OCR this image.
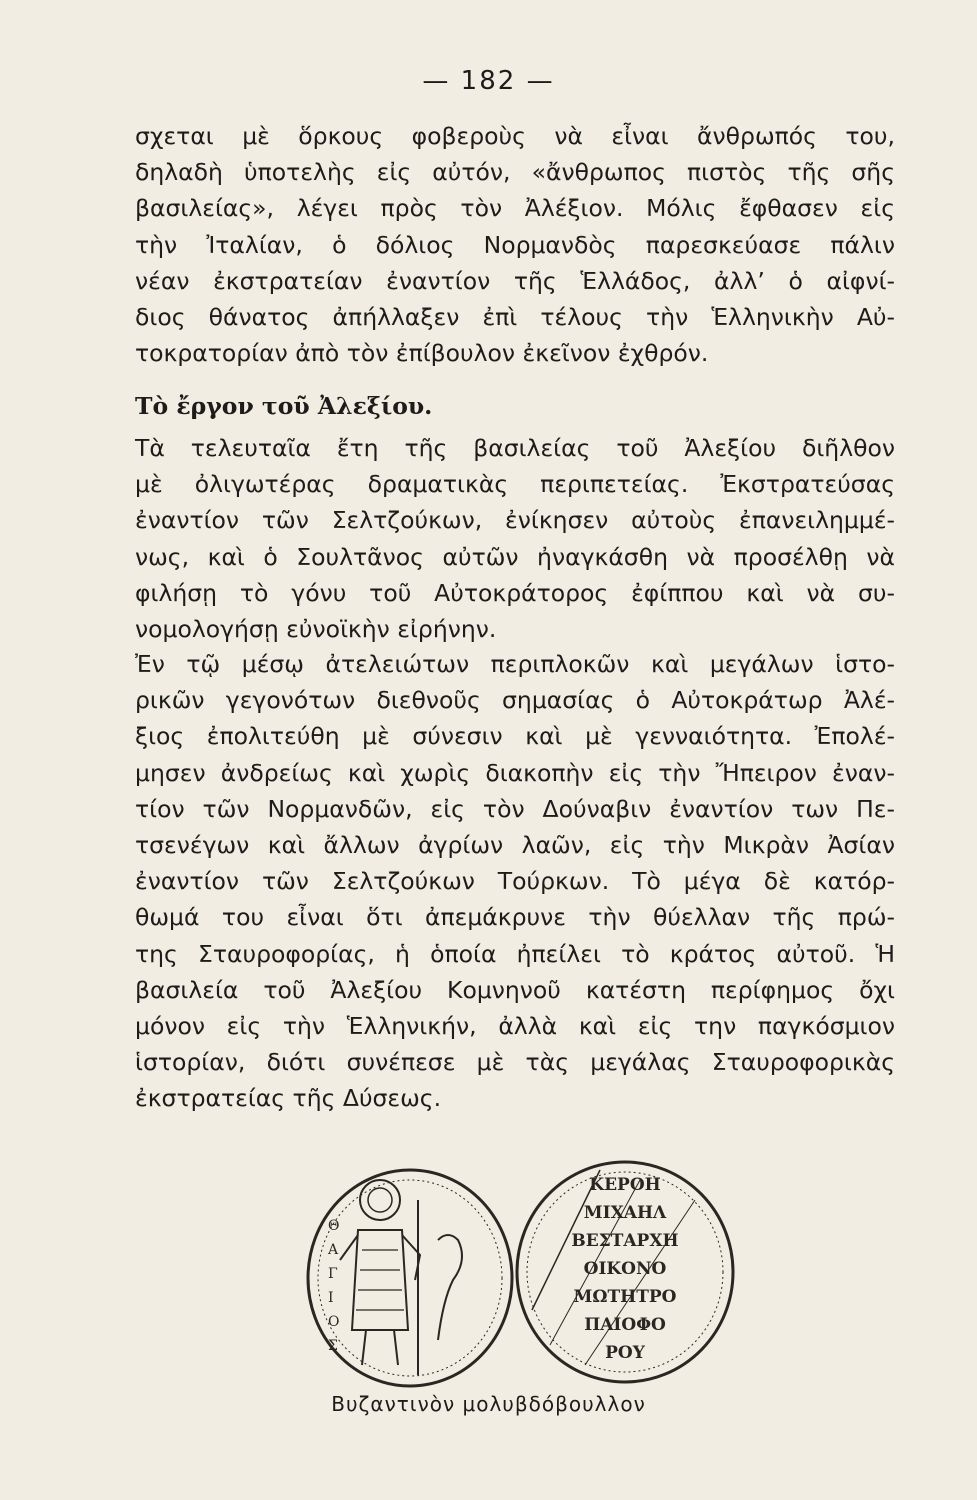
— 182 —
σχεται μὲ ὅρκους φοβεροὺς νὰ εἶναι ἄνθρωπός του,
δηλαδὴ ὑποτελὴς εἰς αὐτόν, «ἄνθρωπος πιστὸς τῆς σῆς
βασιλείας», λέγει πρὸς τὸν Ἀλέξιον. Μόλις ἔφθασεν εἰς
τὴν Ἰταλίαν, ὁ δόλιος Νορμανδὸς παρεσκεύασε πάλιν
νέαν ἐκστρατείαν ἐναντίον τῆς Ἑλλάδος, ἀλλ’ ὁ αἰφνί-
διος θάνατος ἀπήλλαξεν ἐπὶ τέλους τὴν Ἑλληνικὴν Αὐ-
τοκρατορίαν ἀπὸ τὸν ἐπίβουλον ἐκεῖνον ἐχθρόν.
Τὸ ἔργον τοῦ Ἀλεξίου.
Τὰ τελευταῖα ἔτη τῆς βασιλείας τοῦ Ἀλεξίου διῆλθον
μὲ ὀλιγωτέρας δραματικὰς περιπετείας. Ἐκστρατεύσας
ἐναντίον τῶν Σελτζούκων, ἐνίκησεν αὐτοὺς ἐπανειλημμέ-
νως, καὶ ὁ Σουλτᾶνος αὐτῶν ἠναγκάσθη νὰ προσέλθῃ νὰ
φιλήσῃ τὸ γόνυ τοῦ Αὐτοκράτορος ἐφίππου καὶ νὰ συ-
νομολογήσῃ εὐνοϊκὴν εἰρήνην.
Ἐν τῷ μέσῳ ἀτελειώτων περιπλοκῶν καὶ μεγάλων ἱστο-
ρικῶν γεγονότων διεθνοῦς σημασίας ὁ Αὐτοκράτωρ Ἀλέ-
ξιος ἐπολιτεύθη μὲ σύνεσιν καὶ μὲ γενναιότητα. Ἐπολέ-
μησεν ἀνδρείως καὶ χωρὶς διακοπὴν εἰς τὴν Ἤπειρον ἐναν-
τίον τῶν Νορμανδῶν, εἰς τὸν Δούναβιν ἐναντίον των Πε-
τσενέγων καὶ ἄλλων ἀγρίων λαῶν, εἰς τὴν Μικρὰν Ἀσίαν
ἐναντίον τῶν Σελτζούκων Τούρκων. Τὸ μέγα δὲ κατόρ-
θωμά του εἶναι ὅτι ἀπεμάκρυνε τὴν θύελλαν τῆς πρώ-
της Σταυροφορίας, ἡ ὁποία ἠπείλει τὸ κράτος αὐτοῦ. Ἡ
βασιλεία τοῦ Ἀλεξίου Κομνηνοῦ κατέστη περίφημος ὄχι
μόνον εἰς τὴν Ἑλληνικήν, ἀλλὰ καὶ εἰς την παγκόσμιον
ἱστορίαν, διότι συνέπεσε μὲ τὰς μεγάλας Σταυροφορικὰς
ἐκστρατείας τῆς Δύσεως.
Θ
Α
Γ
Ι
Ο
Σ
ΚΕΡΟΗ
ΜΙΧΑΗΛ
ΒΕΣΤΑΡΧΗ
ΟΙΚΟΝΟ
ΜΩΤΗΤΡΟ
ΠΑΙΟΦΟ
ΡΟΥ
Βυζαντινὸν μολυβδόβουλλον
